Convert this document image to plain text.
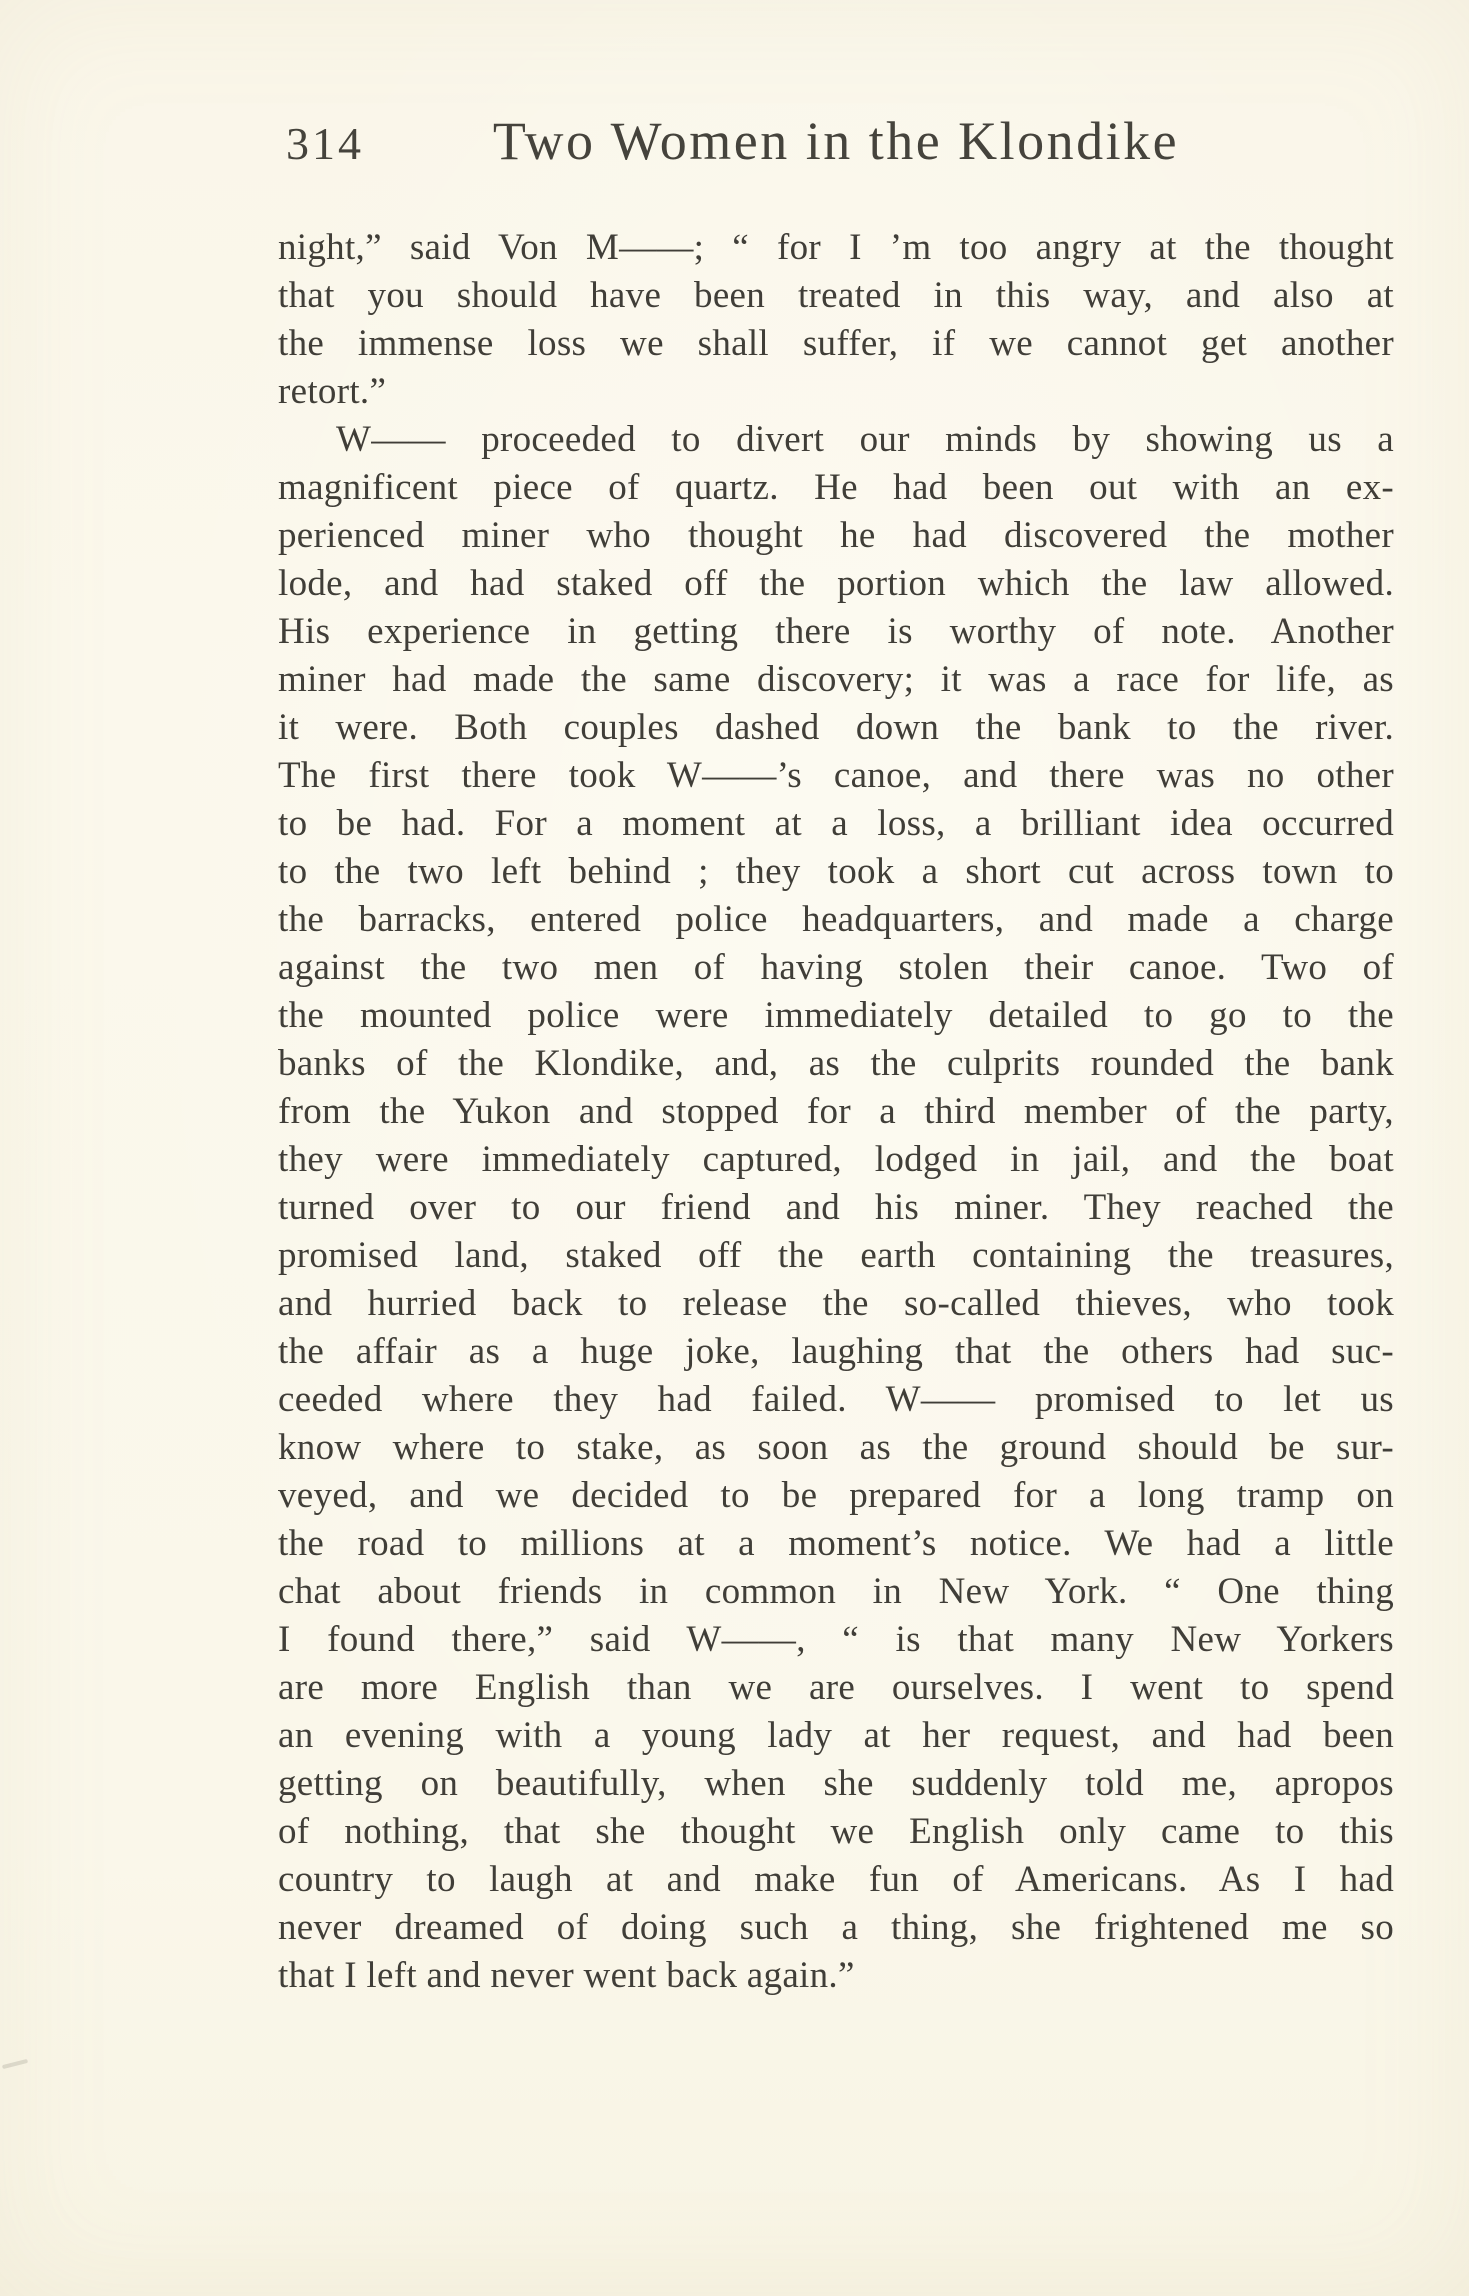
314	Two Women in the Klondike
night,” said Von M——; “ for I ’m too angry at the thought
that you should have been treated in this way, and also at
the immense loss we shall suffer, if we cannot get another
retort.”
W—— proceeded to divert our minds by showing us a
magnificent piece of quartz. He had been out with an ex-
perienced miner who thought he had discovered the mother
lode, and had staked off the portion which the law allowed.
His experience in getting there is worthy of note. Another
miner had made the same discovery; it was a race for life, as
it were. Both couples dashed down the bank to the river.
The first there took W——’s canoe, and there was no other
to be had. For a moment at a loss, a brilliant idea occurred
to the two left behind ; they took a short cut across town to
the barracks, entered police headquarters, and made a charge
against the two men of having stolen their canoe. Two of
the mounted police were immediately detailed to go to the
banks of the Klondike, and, as the culprits rounded the bank
from the Yukon and stopped for a third member of the party,
they were immediately captured, lodged in jail, and the boat
turned over to our friend and his miner. They reached the
promised land, staked off the earth containing the treasures,
and hurried back to release the so-called thieves, who took
the affair as a huge joke, laughing that the others had suc-
ceeded where they had failed. W—— promised to let us
know where to stake, as soon as the ground should be sur-
veyed, and we decided to be prepared for a long tramp on
the road to millions at a moment’s notice. We had a little
chat about friends in common in New York. “ One thing
I found there,” said W——, “ is that many New Yorkers
are more English than we are ourselves. I went to spend
an evening with a young lady at her request, and had been
getting on beautifully, when she suddenly told me, apropos
of nothing, that she thought we English only came to this
country to laugh at and make fun of Americans. As I had
never dreamed of doing such a thing, she frightened me so
that I left and never went back again.”
